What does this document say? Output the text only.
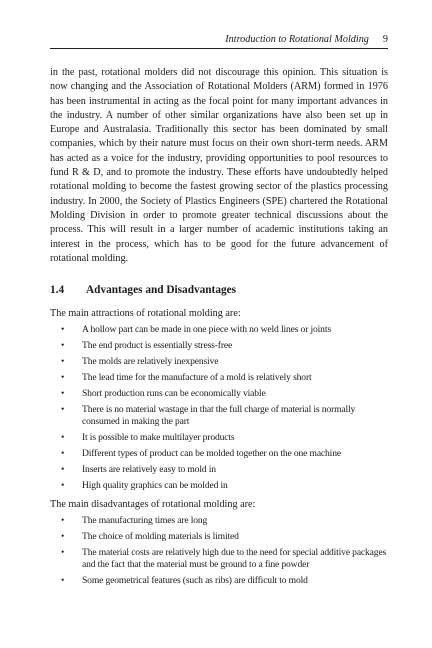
Introduction to Rotational Molding 9

in the past, rotational molders did not discourage this opinion. This situation is now changing and the Association of Rotational Molders (ARM) formed in 1976 has been instrumental in acting as the focal point for many important advances in the industry. A number of other similar organizations have also been set up in Europe and Australasia. Traditionally this sector has been dominated by small companies, which by their nature must focus on their own short-term needs. ARM has acted as a voice for the industry, providing opportunities to pool resources to fund R & D, and to promote the industry. These efforts have undoubtedly helped rotational molding to become the fastest growing sector of the plastics processing industry. In 2000, the Society of Plastics Engineers (SPE) chartered the Rotational Molding Division in order to promote greater technical discussions about the process. This will result in a larger number of academic institutions taking an interest in the process, which has to be good for the future advancement of rotational molding.

1.4 Advantages and Disadvantages

The main attractions of rotational molding are:

• A hollow part can be made in one piece with no weld lines or joints
• The end product is essentially stress-free
• The molds are relatively inexpensive
• The lead time for the manufacture of a mold is relatively short
• Short production runs can be economically viable
• There is no material wastage in that the full charge of material is normally consumed in making the part
• It is possible to make multilayer products
• Different types of product can be molded together on the one machine
• Inserts are relatively easy to mold in
• High quality graphics can be molded in

The main disadvantages of rotational molding are:

• The manufacturing times are long
• The choice of molding materials is limited
• The material costs are relatively high due to the need for special additive packages and the fact that the material must be ground to a fine powder
• Some geometrical features (such as ribs) are difficult to mold
